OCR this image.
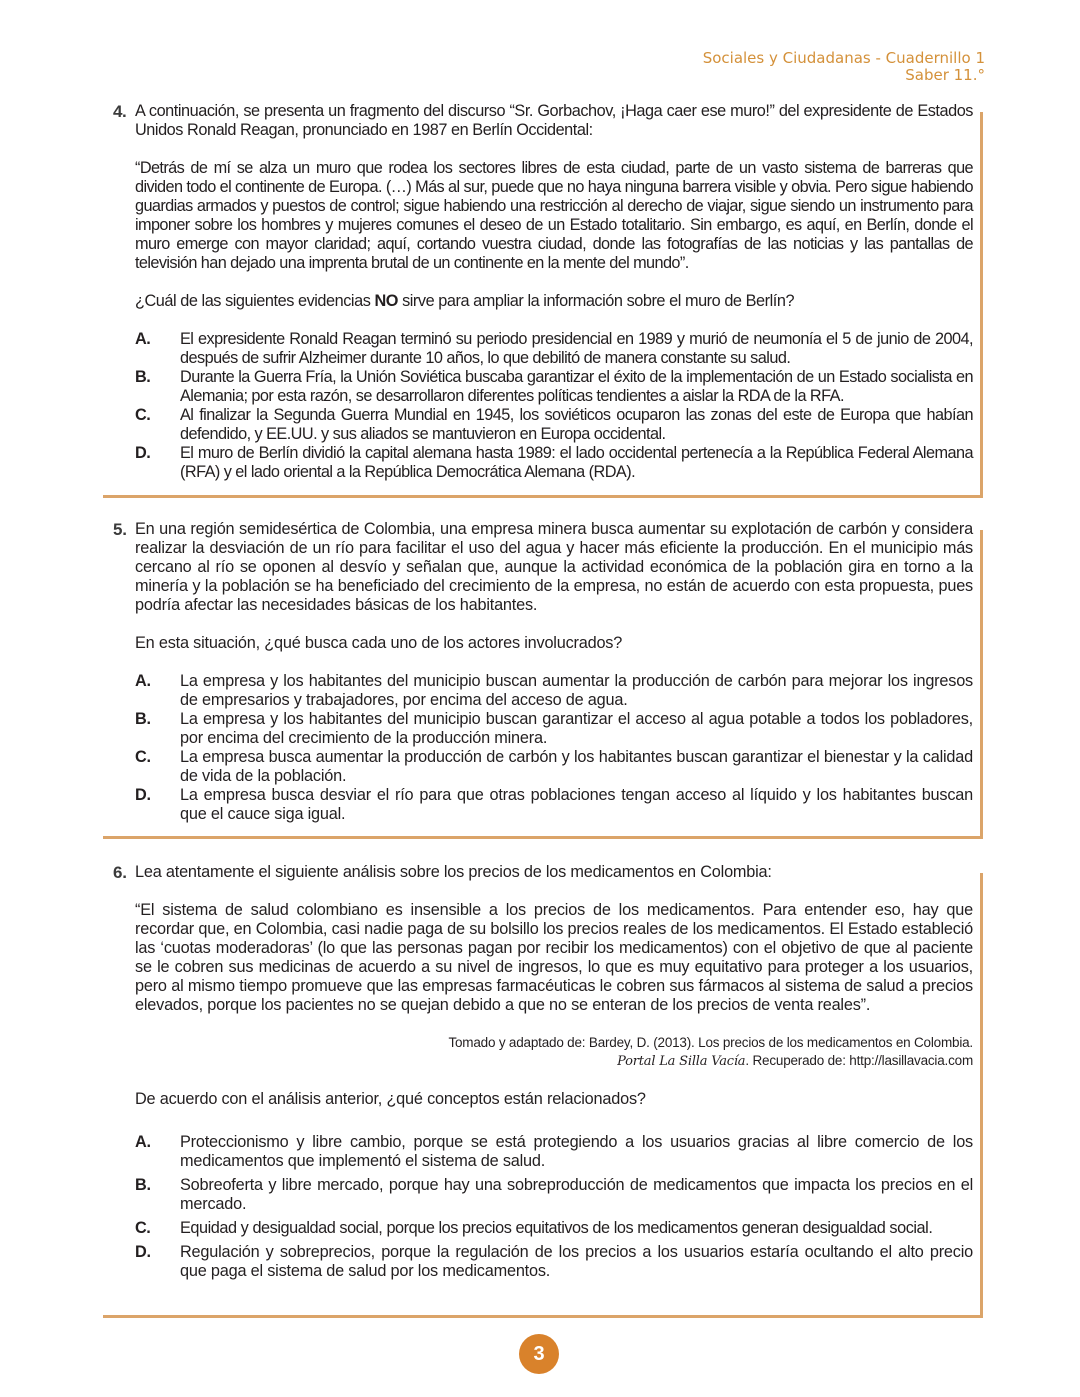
Sociales y Ciudadanas - Cuadernillo 1
Saber 11.°
4. A continuación, se presenta un fragmento del discurso “Sr. Gorbachov, ¡Haga caer ese muro!” del expresidente de Estados Unidos Ronald Reagan, pronunciado en 1987 en Berlín Occidental:

“Detrás de mí se alza un muro que rodea los sectores libres de esta ciudad, parte de un vasto sistema de barreras que dividen todo el continente de Europa. (…) Más al sur, puede que no haya ninguna barrera visible y obvia. Pero sigue habiendo guardias armados y puestos de control; sigue habiendo una restricción al derecho de viajar, sigue siendo un instrumento para imponer sobre los hombres y mujeres comunes el deseo de un Estado totalitario. Sin embargo, es aquí, en Berlín, donde el muro emerge con mayor claridad; aquí, cortando vuestra ciudad, donde las fotografías de las noticias y las pantallas de televisión han dejado una imprenta brutal de un continente en la mente del mundo”.

¿Cuál de las siguientes evidencias NO sirve para ampliar la información sobre el muro de Berlín?

A. El expresidente Ronald Reagan terminó su periodo presidencial en 1989 y murió de neumonía el 5 de junio de 2004, después de sufrir Alzheimer durante 10 años, lo que debilitó de manera constante su salud.
B. Durante la Guerra Fría, la Unión Soviética buscaba garantizar el éxito de la implementación de un Estado socialista en Alemania; por esta razón, se desarrollaron diferentes políticas tendientes a aislar la RDA de la RFA.
C. Al finalizar la Segunda Guerra Mundial en 1945, los soviéticos ocuparon las zonas del este de Europa que habían defendido, y EE.UU. y sus aliados se mantuvieron en Europa occidental.
D. El muro de Berlín dividió la capital alemana hasta 1989: el lado occidental pertenecía a la República Federal Alemana (RFA) y el lado oriental a la República Democrática Alemana (RDA).
5. En una región semidesértica de Colombia, una empresa minera busca aumentar su explotación de carbón y considera realizar la desviación de un río para facilitar el uso del agua y hacer más eficiente la producción. En el municipio más cercano al río se oponen al desvío y señalan que, aunque la actividad económica de la población gira en torno a la minería y la población se ha beneficiado del crecimiento de la empresa, no están de acuerdo con esta propuesta, pues podría afectar las necesidades básicas de los habitantes.

En esta situación, ¿qué busca cada uno de los actores involucrados?

A. La empresa y los habitantes del municipio buscan aumentar la producción de carbón para mejorar los ingresos de empresarios y trabajadores, por encima del acceso de agua.
B. La empresa y los habitantes del municipio buscan garantizar el acceso al agua potable a todos los pobladores, por encima del crecimiento de la producción minera.
C. La empresa busca aumentar la producción de carbón y los habitantes buscan garantizar el bienestar y la calidad de vida de la población.
D. La empresa busca desviar el río para que otras poblaciones tengan acceso al líquido y los habitantes buscan que el cauce siga igual.
6. Lea atentamente el siguiente análisis sobre los precios de los medicamentos en Colombia:

“El sistema de salud colombiano es insensible a los precios de los medicamentos. Para entender eso, hay que recordar que, en Colombia, casi nadie paga de su bolsillo los precios reales de los medicamentos. El Estado estableció las ‘cuotas moderadoras’ (lo que las personas pagan por recibir los medicamentos) con el objetivo de que al paciente se le cobren sus medicinas de acuerdo a su nivel de ingresos, lo que es muy equitativo para proteger a los usuarios, pero al mismo tiempo promueve que las empresas farmacéuticas le cobren sus fármacos al sistema de salud a precios elevados, porque los pacientes no se quejan debido a que no se enteran de los precios de venta reales”.

Tomado y adaptado de: Bardey, D. (2013). Los precios de los medicamentos en Colombia.
Portal La Silla Vacía. Recuperado de: http://lasillavacia.com

De acuerdo con el análisis anterior, ¿qué conceptos están relacionados?

A. Proteccionismo y libre cambio, porque se está protegiendo a los usuarios gracias al libre comercio de los medicamentos que implementó el sistema de salud.
B. Sobreoferta y libre mercado, porque hay una sobreproducción de medicamentos que impacta los precios en el mercado.
C. Equidad y desigualdad social, porque los precios equitativos de los medicamentos generan desigualdad social.
D. Regulación y sobreprecios, porque la regulación de los precios a los usuarios estaría ocultando el alto precio que paga el sistema de salud por los medicamentos.
3
